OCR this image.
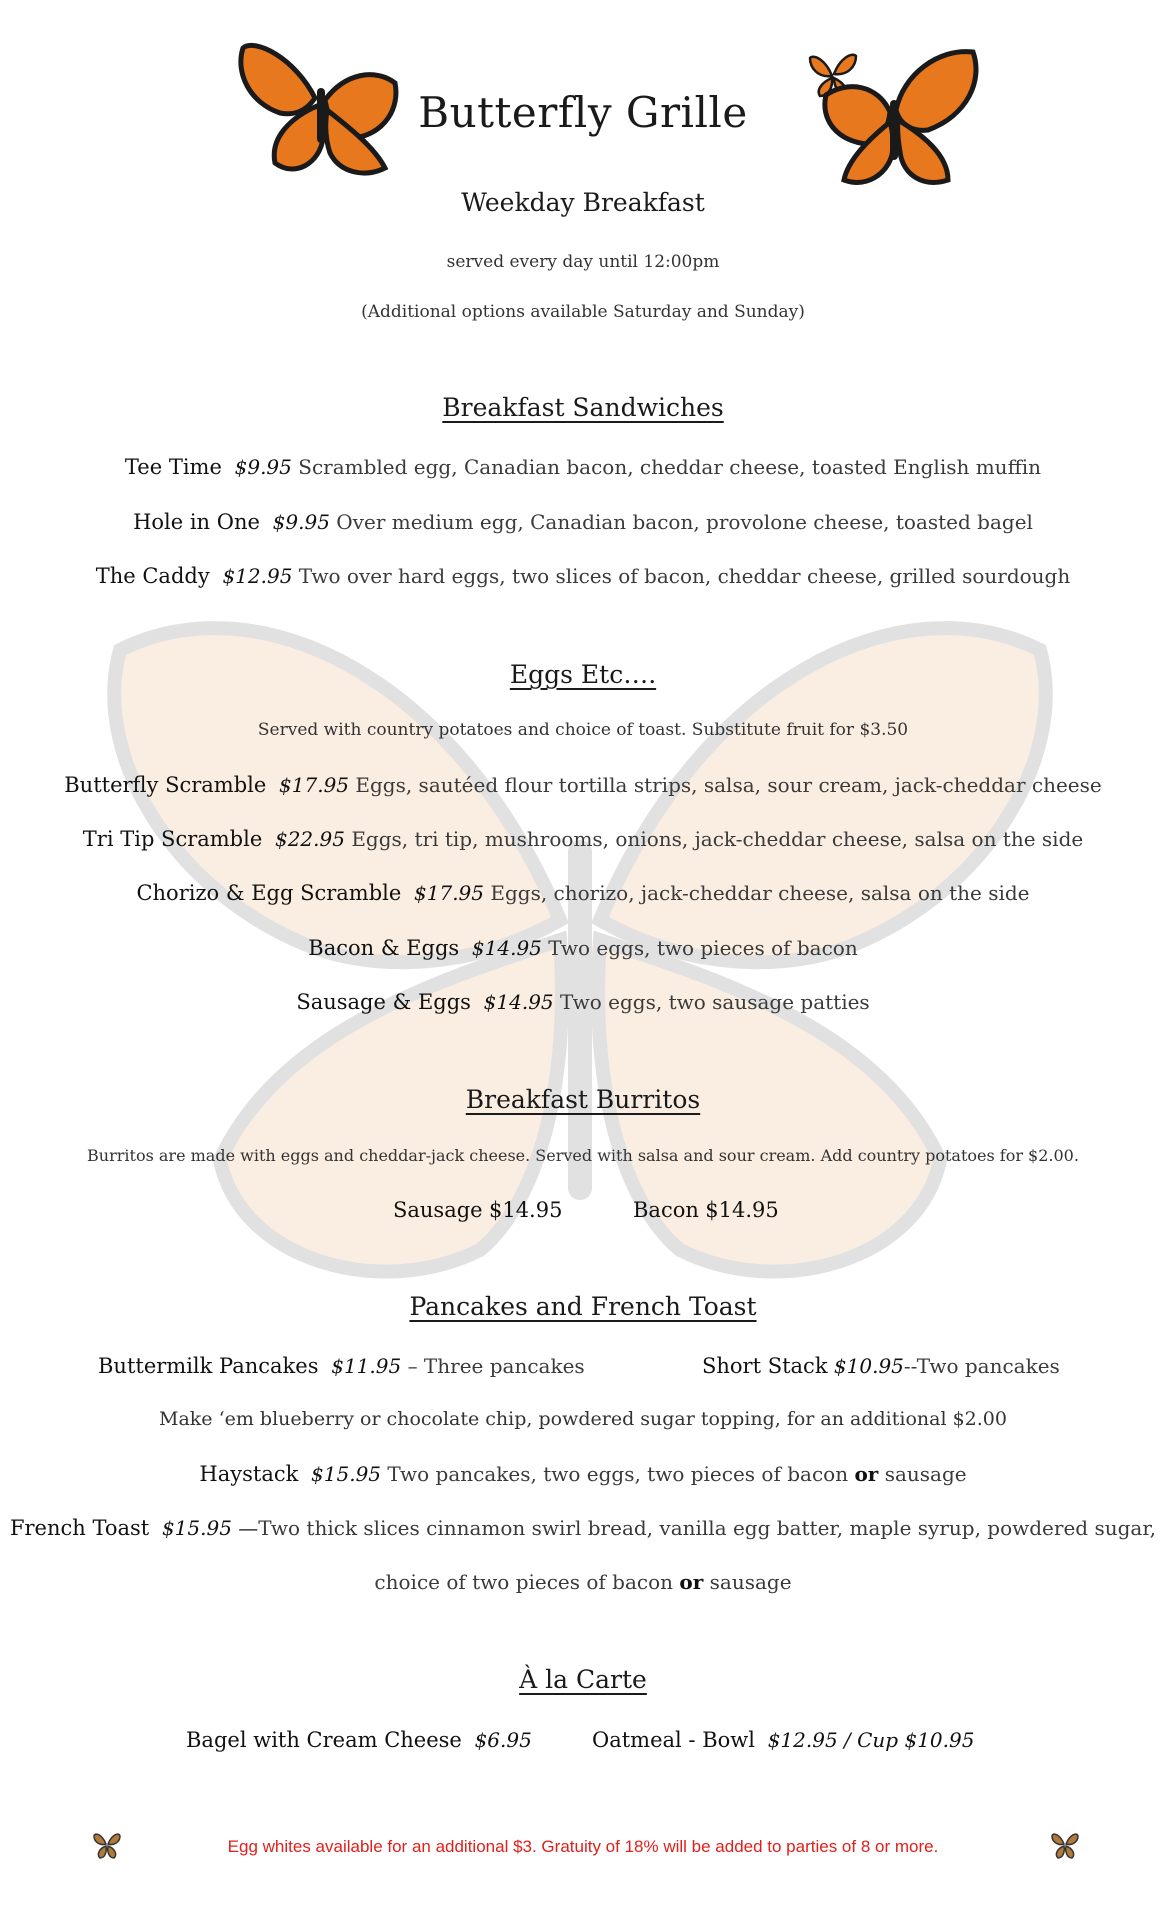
Butterfly Grille
Weekday Breakfast
served every day until 12:00pm
(Additional options available Saturday and Sunday)
Breakfast Sandwiches
Tee Time $9.95 Scrambled egg, Canadian bacon, cheddar cheese, toasted English muffin
Hole in One $9.95 Over medium egg, Canadian bacon, provolone cheese, toasted bagel
The Caddy $12.95 Two over hard eggs, two slices of bacon, cheddar cheese, grilled sourdough
Eggs Etc….
Served with country potatoes and choice of toast. Substitute fruit for $3.50
Butterfly Scramble $17.95 Eggs, sautéed flour tortilla strips, salsa, sour cream, jack-cheddar cheese
Tri Tip Scramble $22.95 Eggs, tri tip, mushrooms, onions, jack-cheddar cheese, salsa on the side
Chorizo & Egg Scramble $17.95 Eggs, chorizo, jack-cheddar cheese, salsa on the side
Bacon & Eggs $14.95 Two eggs, two pieces of bacon
Sausage & Eggs $14.95 Two eggs, two sausage patties
Breakfast Burritos
Burritos are made with eggs and cheddar-jack cheese. Served with salsa and sour cream. Add country potatoes for $2.00.
Sausage $14.95	Bacon $14.95
Pancakes and French Toast
Buttermilk Pancakes $11.95 – Three pancakes	Short Stack $10.95--Two pancakes
Make ‘em blueberry or chocolate chip, powdered sugar topping, for an additional $2.00
Haystack $15.95 Two pancakes, two eggs, two pieces of bacon or sausage
French Toast $15.95 —Two thick slices cinnamon swirl bread, vanilla egg batter, maple syrup, powdered sugar,
choice of two pieces of bacon or sausage
À la Carte
Bagel with Cream Cheese $6.95	Oatmeal - Bowl $12.95 / Cup $10.95
Egg whites available for an additional $3. Gratuity of 18% will be added to parties of 8 or more.
